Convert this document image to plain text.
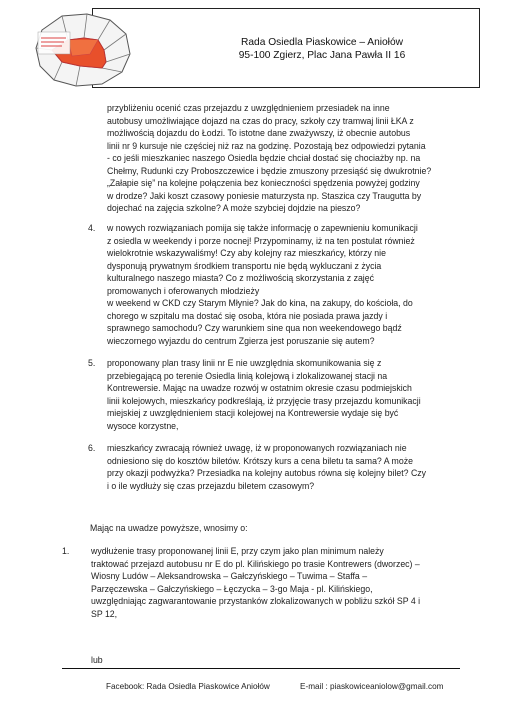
Rada Osiedla Piaskowice – Aniołów
95-100 Zgierz, Plac Jana Pawła II 16
przybliżeniu ocenić czas przejazdu z uwzględnieniem przesiadek na inne
autobusy umożliwiające dojazd na czas do pracy, szkoły czy tramwaj linii ŁKA z
możliwością dojazdu do Łodzi. To istotne dane zważywszy, iż obecnie autobus
linii nr 9 kursuje nie częściej niż raz na godzinę. Pozostają bez odpowiedzi pytania
- co jeśli mieszkaniec naszego Osiedla będzie chciał dostać się chociażby np. na
Chełmy, Rudunki czy Proboszczewice i będzie zmuszony przesiąść się dwukrotnie?
„Załapie się” na kolejne połączenia bez konieczności spędzenia powyżej godziny
w drodze? Jaki koszt czasowy poniesie maturzysta np. Staszica czy Traugutta by
dojechać na zajęcia szkolne? A może szybciej dojdzie na pieszo?
4.	w nowych rozwiązaniach pomija się także informację o zapewnieniu komunikacji
z osiedla w weekendy i porze nocnej! Przypominamy, iż na ten postulat również
wielokrotnie wskazywaliśmy! Czy aby kolejny raz mieszkańcy, którzy nie
dysponują prywatnym środkiem transportu nie będą wykluczani z życia
kulturalnego naszego miasta? Co z możliwością skorzystania z zajęć
promowanych i oferowanych młodzieży
w weekend w CKD czy Starym Młynie? Jak do kina, na zakupy, do kościoła, do
chorego w szpitalu ma dostać się osoba, która nie posiada prawa jazdy i
sprawnego samochodu? Czy warunkiem sine qua non weekendowego bądź
wieczornego wyjazdu do centrum Zgierza jest poruszanie się autem?
5.	proponowany plan trasy linii nr E nie uwzględnia skomunikowania się z
przebiegającą po terenie Osiedla linią kolejową i zlokalizowanej stacji na
Kontrewersie. Mając na uwadze rozwój w ostatnim okresie czasu podmiejskich
linii kolejowych, mieszkańcy podkreślają, iż przyjęcie trasy przejazdu komunikacji
miejskiej z uwzględnieniem stacji kolejowej na Kontrewersie wydaje się być
wysoce korzystne,
6.	mieszkańcy zwracają również uwagę, iż w proponowanych rozwiązaniach nie
odniesiono się do kosztów biletów. Krótszy kurs a cena biletu ta sama? A może
przy okazji podwyżka? Przesiadka na kolejny autobus równa się kolejny bilet? Czy
i o ile wydłuży się czas przejazdu biletem czasowym?
Mając na uwadze powyższe, wnosimy o:
1. wydłużenie trasy proponowanej linii E, przy czym jako plan minimum należy
traktować przejazd autobusu nr E do pl. Kilińskiego po trasie Kontrewers (dworzec) –
Wiosny Ludów – Aleksandrowska – Gałczyńskiego – Tuwima – Staffa –
Parzęczewska – Gałczyńskiego – Łęczycka – 3-go Maja - pl. Kilińskiego,
uwzględniając zagwarantowanie przystanków zlokalizowanych w pobliżu szkół SP 4 i
SP 12,
lub
Facebook: Rada Osiedla Piaskowice Aniołów	E-mail : piaskowiceaniolow@gmail.com
